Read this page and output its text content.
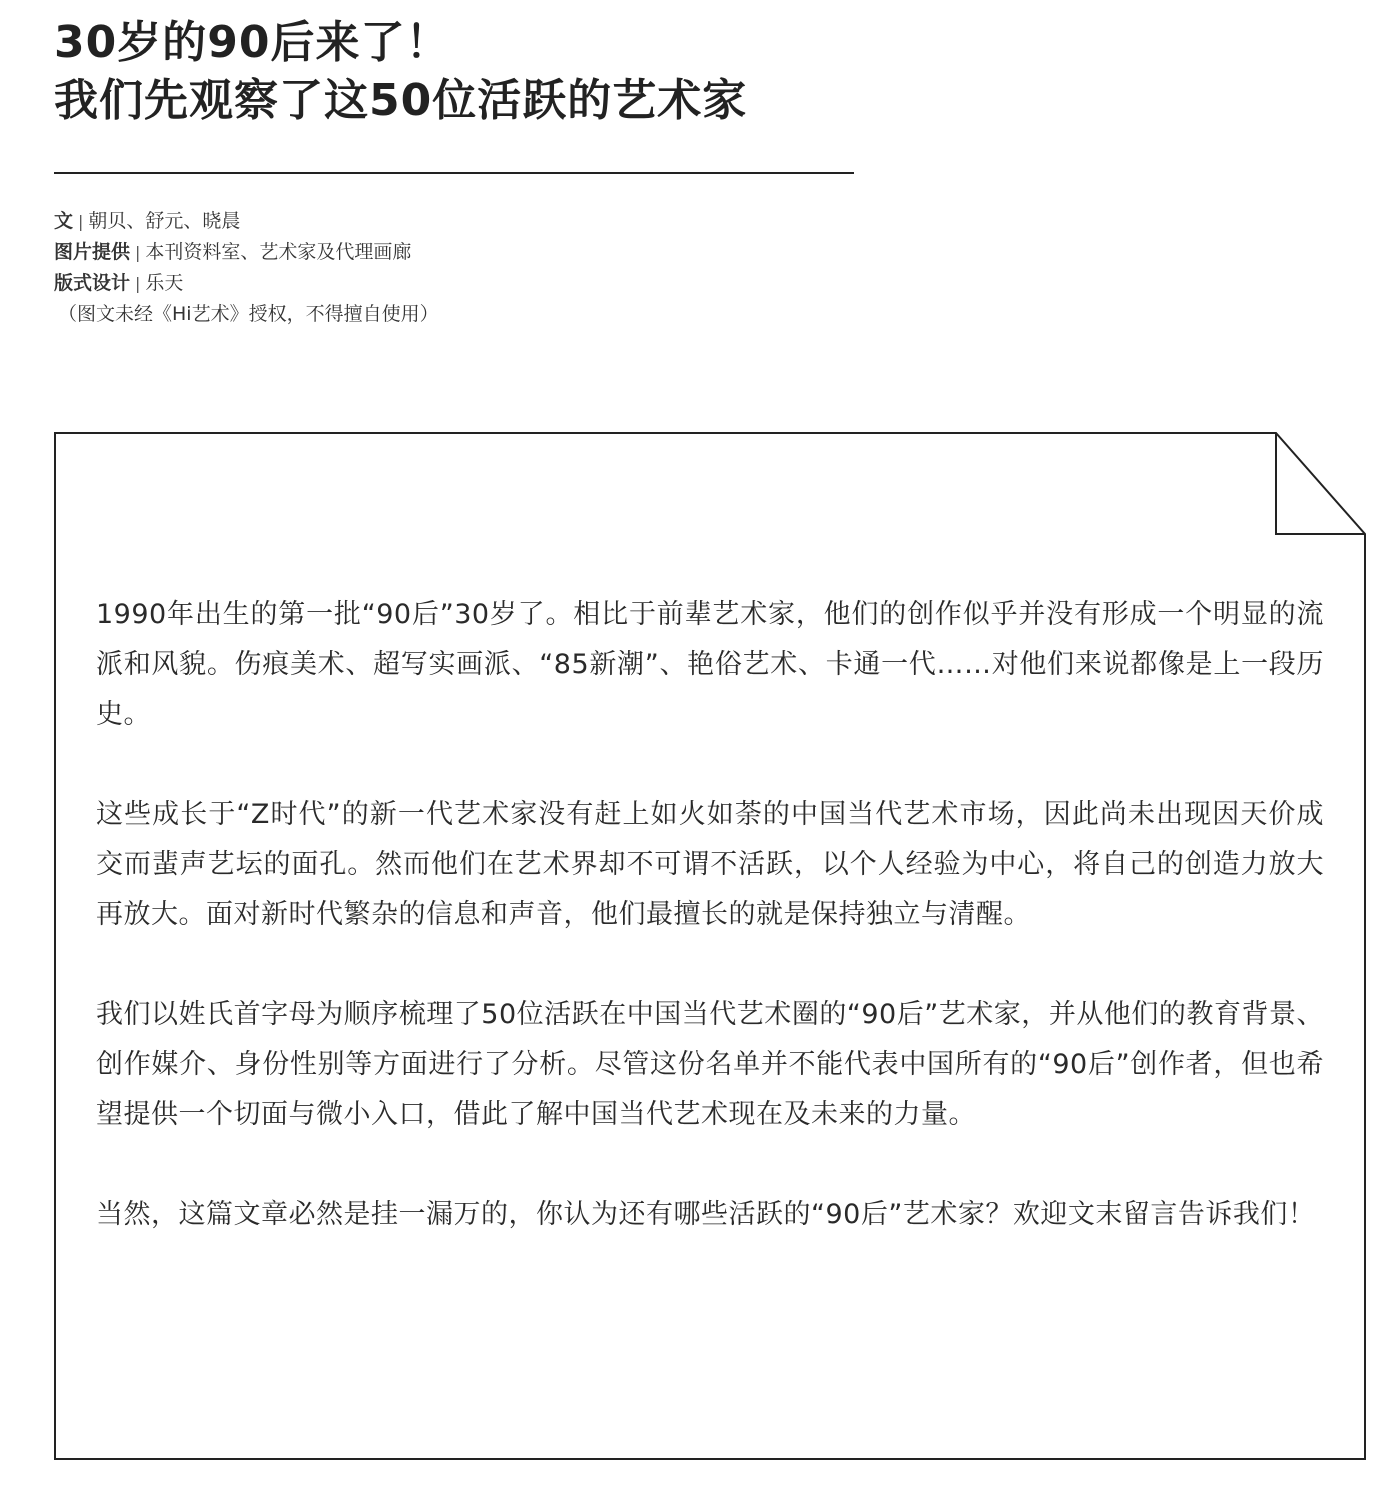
30岁的90后来了！
我们先观察了这50位活跃的艺术家
文 | 朝贝、舒元、晓晨
图片提供 | 本刊资料室、艺术家及代理画廊
版式设计 | 乐天
（图文未经《Hi艺术》授权，不得擅自使用）

1990年出生的第一批“90后”30岁了。相比于前辈艺术家，他们的创作似乎并没有形成一个明显的流派和风貌。伤痕美术、超写实画派、“85新潮”、艳俗艺术、卡通一代……对他们来说都像是上一段历史。

这些成长于“Z时代”的新一代艺术家没有赶上如火如荼的中国当代艺术市场，因此尚未出现因天价成交而蜚声艺坛的面孔。然而他们在艺术界却不可谓不活跃，以个人经验为中心，将自己的创造力放大再放大。面对新时代繁杂的信息和声音，他们最擅长的就是保持独立与清醒。

我们以姓氏首字母为顺序梳理了50位活跃在中国当代艺术圈的“90后”艺术家，并从他们的教育背景、创作媒介、身份性别等方面进行了分析。尽管这份名单并不能代表中国所有的“90后”创作者，但也希望提供一个切面与微小入口，借此了解中国当代艺术现在及未来的力量。

当然，这篇文章必然是挂一漏万的，你认为还有哪些活跃的“90后”艺术家？欢迎文末留言告诉我们！
